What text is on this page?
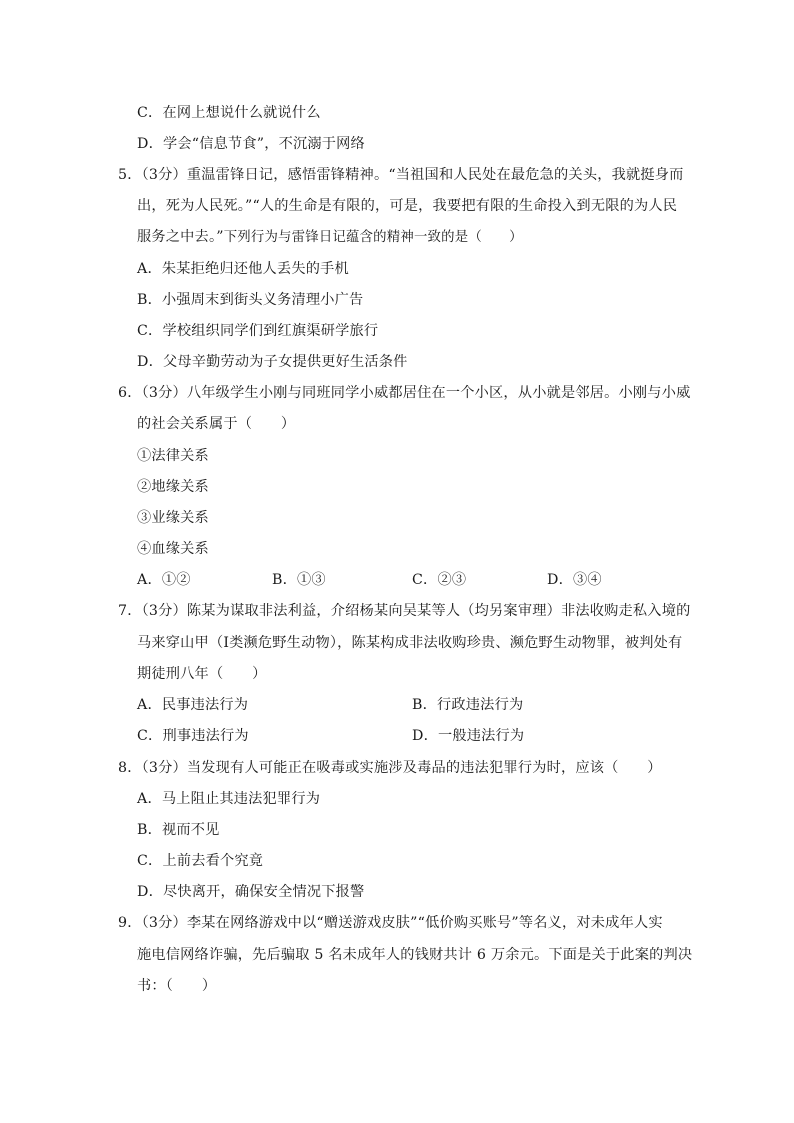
C．在网上想说什么就说什么
D．学会“信息节食”，不沉溺于网络
5．（3分）重温雷锋日记，感悟雷锋精神。“当祖国和人民处在最危急的关头，我就挺身而
出，死为人民死。”“人的生命是有限的，可是，我要把有限的生命投入到无限的为人民
服务之中去。”下列行为与雷锋日记蕴含的精神一致的是（　　）
A．朱某拒绝归还他人丢失的手机
B．小强周末到街头义务清理小广告
C．学校组织同学们到红旗渠研学旅行
D．父母辛勤劳动为子女提供更好生活条件
6．（3分）八年级学生小刚与同班同学小威都居住在一个小区，从小就是邻居。小刚与小威
的社会关系属于（　　）
①法律关系
②地缘关系
③业缘关系
④血缘关系
A．①②	B．①③	C．②③	D．③④
7．（3分）陈某为谋取非法利益，介绍杨某向吴某等人（均另案审理）非法收购走私入境的
马来穿山甲（Ⅰ类濒危野生动物），陈某构成非法收购珍贵、濒危野生动物罪，被判处有
期徒刑八年（　　）
A．民事违法行为	B．行政违法行为
C．刑事违法行为	D．一般违法行为
8．（3分）当发现有人可能正在吸毒或实施涉及毒品的违法犯罪行为时，应该（　　）
A．马上阻止其违法犯罪行为
B．视而不见
C．上前去看个究竟
D．尽快离开，确保安全情况下报警
9．（3分）李某在网络游戏中以“赠送游戏皮肤”“低价购买账号”等名义，对未成年人实
施电信网络诈骗，先后骗取 5 名未成年人的钱财共计 6 万余元。下面是关于此案的判决
书：（　　）
